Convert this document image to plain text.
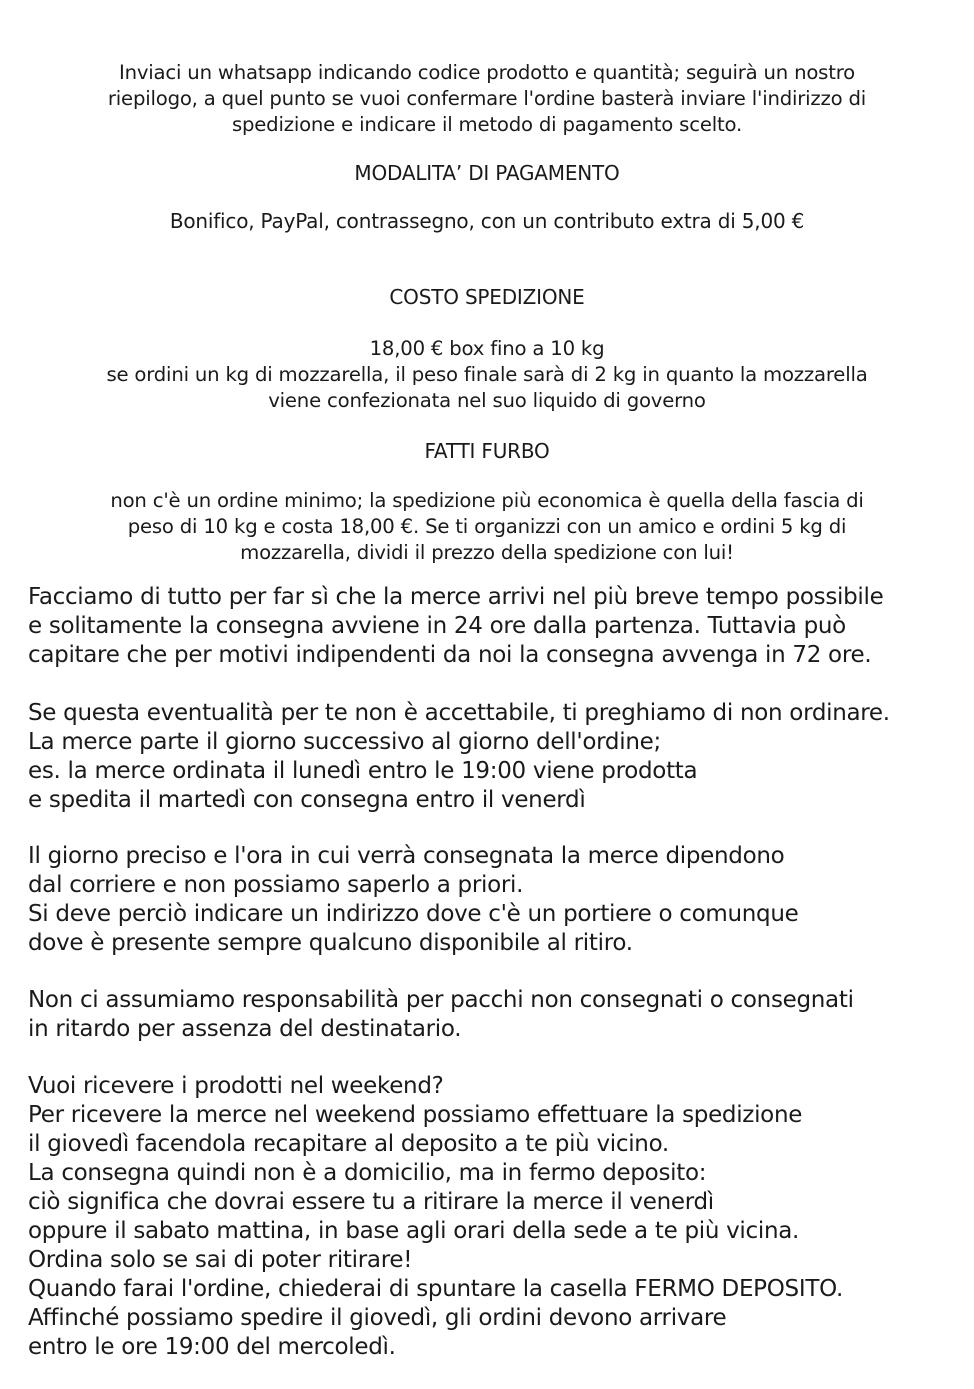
Inviaci un whatsapp indicando codice prodotto e quantità; seguirà un nostro
riepilogo, a quel punto se vuoi confermare l'ordine basterà inviare l'indirizzo di
spedizione e indicare il metodo di pagamento scelto.
MODALITA’ DI PAGAMENTO
Bonifico, PayPal, contrassegno, con un contributo extra di 5,00 €
COSTO SPEDIZIONE
18,00 € box fino a 10 kg
se ordini un kg di mozzarella, il peso finale sarà di 2 kg in quanto la mozzarella
viene confezionata nel suo liquido di governo
FATTI FURBO
non c'è un ordine minimo; la spedizione più economica è quella della fascia di
peso di 10 kg e costa 18,00 €. Se ti organizzi con un amico e ordini 5 kg di
mozzarella, dividi il prezzo della spedizione con lui!
Facciamo di tutto per far sì che la merce arrivi nel più breve tempo possibile
e solitamente la consegna avviene in 24 ore dalla partenza. Tuttavia può
capitare che per motivi indipendenti da noi la consegna avvenga in 72 ore.
Se questa eventualità per te non è accettabile, ti preghiamo di non ordinare.
La merce parte il giorno successivo al giorno dell'ordine;
es. la merce ordinata il lunedì entro le 19:00 viene prodotta
e spedita il martedì con consegna entro il venerdì
Il giorno preciso e l'ora in cui verrà consegnata la merce dipendono
dal corriere e non possiamo saperlo a priori.
Si deve perciò indicare un indirizzo dove c'è un portiere o comunque
dove è presente sempre qualcuno disponibile al ritiro.
Non ci assumiamo responsabilità per pacchi non consegnati o consegnati
in ritardo per assenza del destinatario.
Vuoi ricevere i prodotti nel weekend?
Per ricevere la merce nel weekend possiamo effettuare la spedizione
il giovedì facendola recapitare al deposito a te più vicino.
La consegna quindi non è a domicilio, ma in fermo deposito:
ciò significa che dovrai essere tu a ritirare la merce il venerdì
oppure il sabato mattina, in base agli orari della sede a te più vicina.
Ordina solo se sai di poter ritirare!
Quando farai l'ordine, chiederai di spuntare la casella FERMO DEPOSITO.
Affinché possiamo spedire il giovedì, gli ordini devono arrivare
entro le ore 19:00 del mercoledì.
